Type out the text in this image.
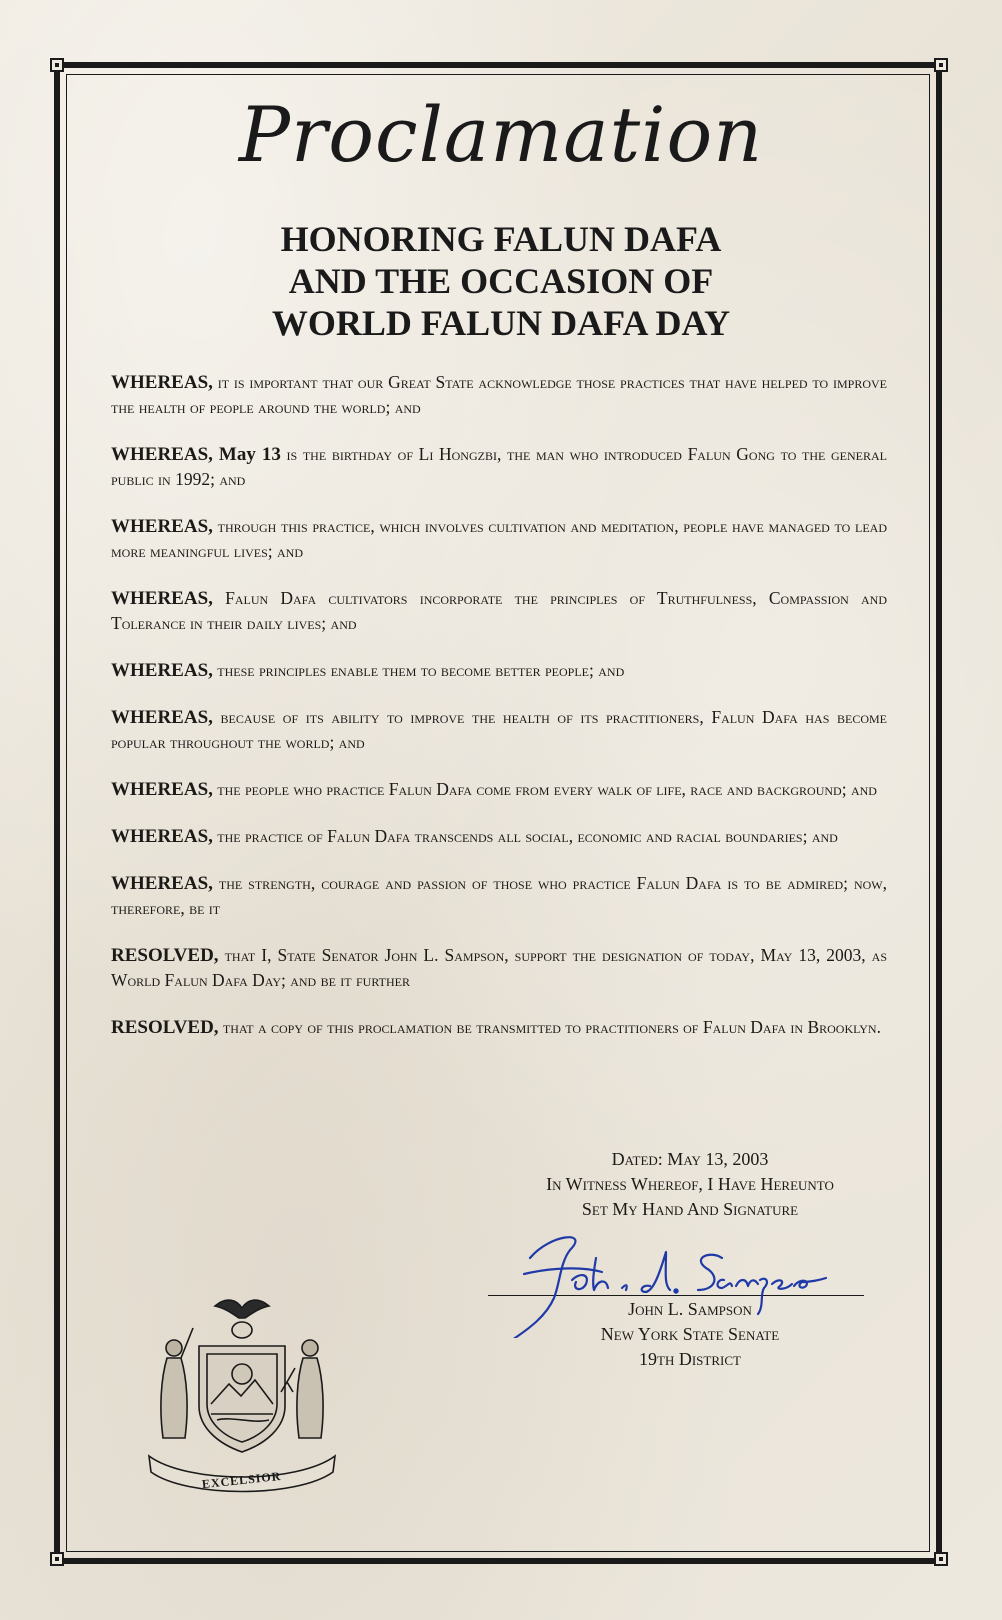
Proclamation
HONORING FALUN DAFA
AND THE OCCASION OF
WORLD FALUN DAFA DAY

WHEREAS, it is important that our Great State acknowledge those practices that have helped to improve the health of people around the world; and

WHEREAS, May 13 is the birthday of Li Hongzbi, the man who introduced Falun Gong to the general public in 1992; and

WHEREAS, through this practice, which involves cultivation and meditation, people have managed to lead more meaningful lives; and

WHEREAS, Falun Dafa cultivators incorporate the principles of Truthfulness, Compassion and Tolerance in their daily lives; and

WHEREAS, these principles enable them to become better people; and

WHEREAS, because of its ability to improve the health of its practitioners, Falun Dafa has become popular throughout the world; and

WHEREAS, the people who practice Falun Dafa come from every walk of life, race and background; and

WHEREAS, the practice of Falun Dafa transcends all social, economic and racial boundaries; and

WHEREAS, the strength, courage and passion of those who practice Falun Dafa is to be admired; now, therefore, be it

RESOLVED, that I, State Senator John L. Sampson, support the designation of today, May 13, 2003, as World Falun Dafa Day; and be it further

RESOLVED, that a copy of this proclamation be transmitted to practitioners of Falun Dafa in Brooklyn.

Dated: May 13, 2003
In Witness Whereof, I Have Hereunto
Set My Hand And Signature
John L. Sampson
New York State Senate
19th District
EXCELSIOR
